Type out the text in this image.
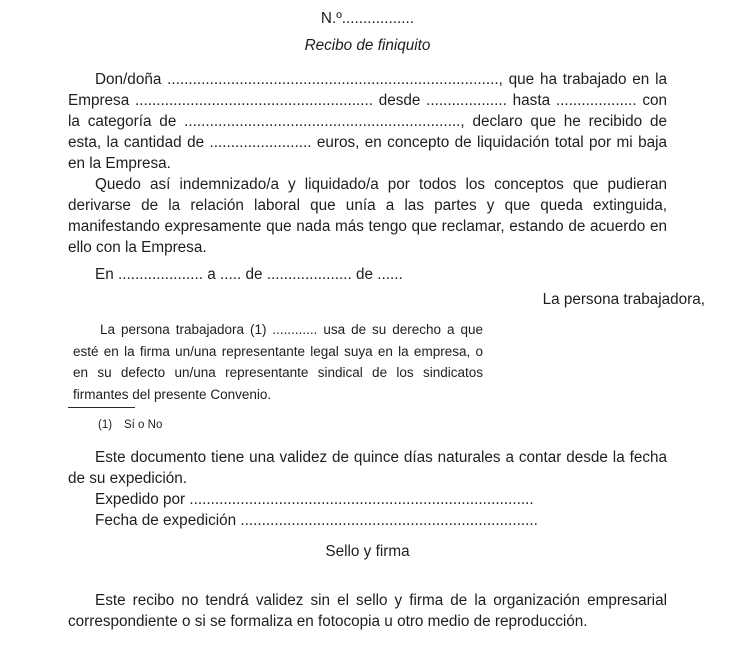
N.º.................

Recibo de finiquito

Don/doña .............................................................................., que ha trabajado en la Empresa ........................................................ desde ................... hasta ................... con la categoría de ................................................................., declaro que he recibido de esta, la cantidad de ........................ euros, en concepto de liquidación total por mi baja en la Empresa.

Quedo así indemnizado/a y liquidado/a por todos los conceptos que pudieran derivarse de la relación laboral que unía a las partes y que queda extinguida, manifestando expresamente que nada más tengo que reclamar, estando de acuerdo en ello con la Empresa.

En .................... a ..... de .................... de ......

La persona trabajadora,

La persona trabajadora (1) ............ usa de su derecho a que esté en la firma un/una representante legal suya en la empresa, o en su defecto un/una representante sindical de los sindicatos firmantes del presente Convenio.

(1) Sí o No

Este documento tiene una validez de quince días naturales a contar desde la fecha de su expedición.

Expedido por .................................................................................

Fecha de expedición ......................................................................

Sello y firma

Este recibo no tendrá validez sin el sello y firma de la organización empresarial correspondiente o si se formaliza en fotocopia u otro medio de reproducción.
